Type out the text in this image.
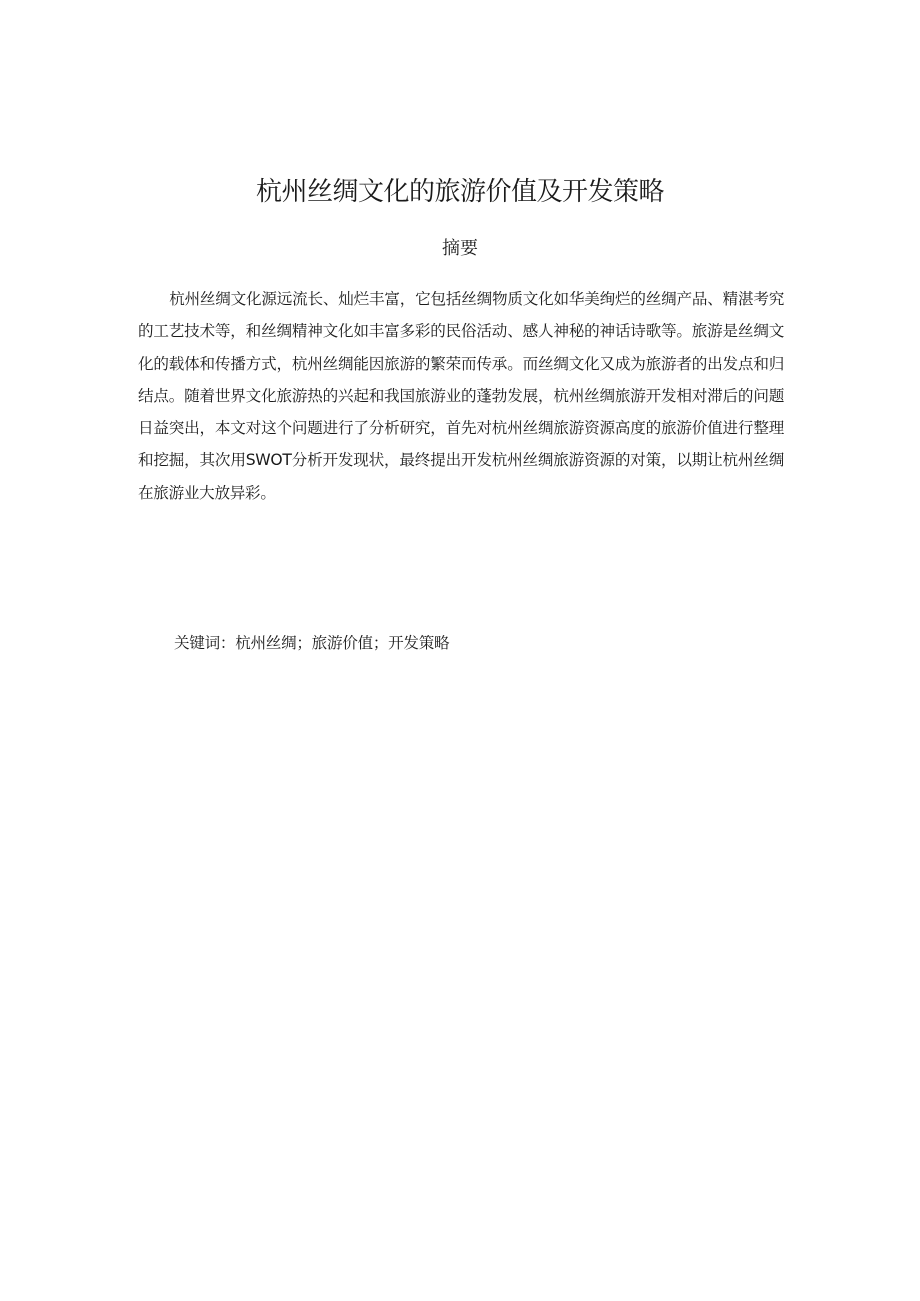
杭州丝绸文化的旅游价值及开发策略
摘要

杭州丝绸文化源远流长、灿烂丰富，它包括丝绸物质文化如华美绚烂的丝绸产品、精湛考究的工艺技术等，和丝绸精神文化如丰富多彩的民俗活动、感人神秘的神话诗歌等。旅游是丝绸文化的载体和传播方式，杭州丝绸能因旅游的繁荣而传承。而丝绸文化又成为旅游者的出发点和归结点。随着世界文化旅游热的兴起和我国旅游业的蓬勃发展，杭州丝绸旅游开发相对滞后的问题日益突出，本文对这个问题进行了分析研究，首先对杭州丝绸旅游资源高度的旅游价值进行整理和挖掘，其次用SWOT分析开发现状，最终提出开发杭州丝绸旅游资源的对策，以期让杭州丝绸在旅游业大放异彩。

关键词：杭州丝绸；旅游价值；开发策略
